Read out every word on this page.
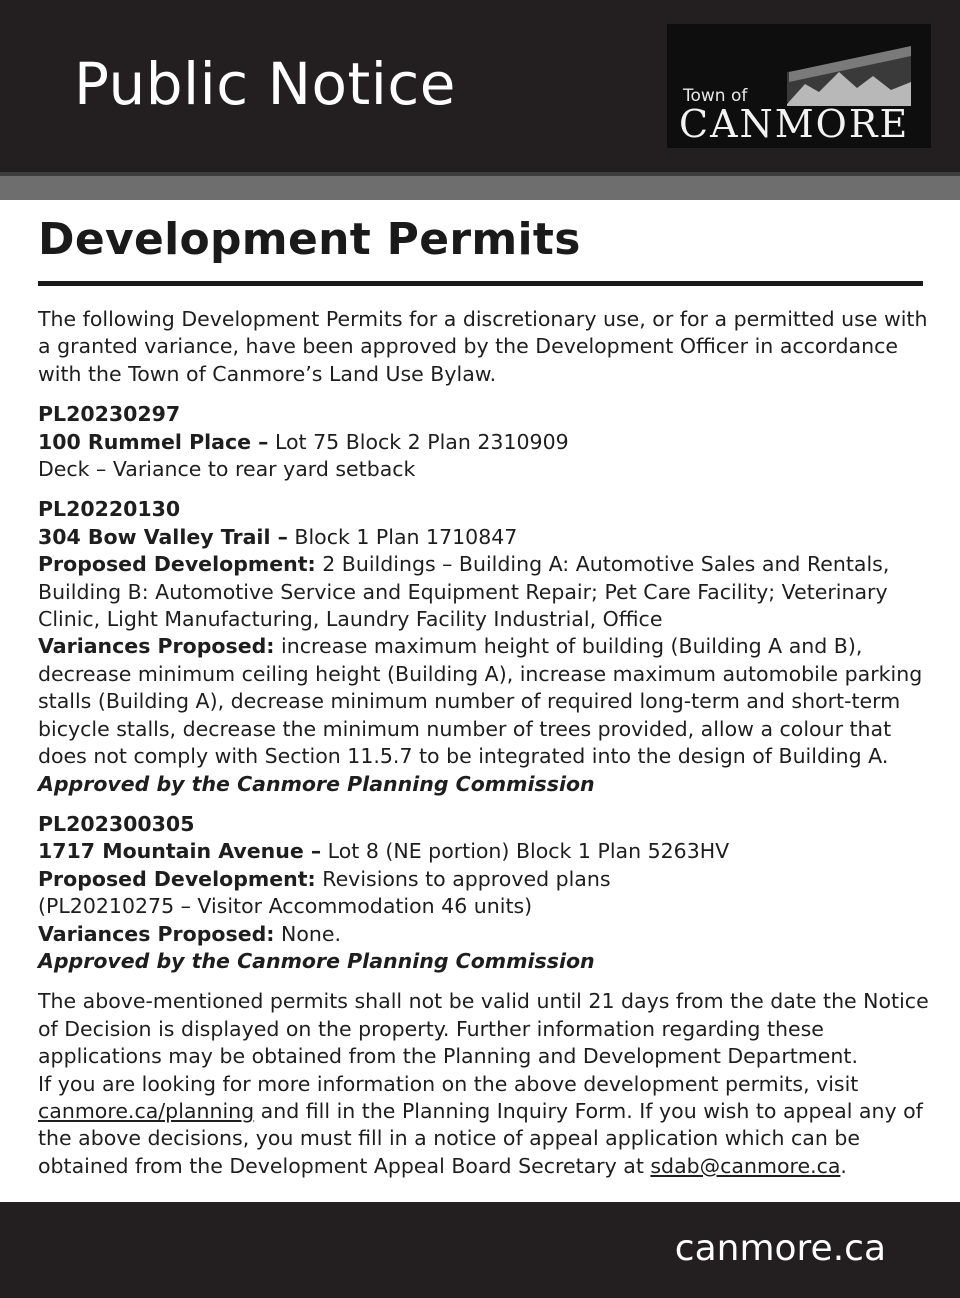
Public Notice	Town of
CANMORE
Development Permits

The following Development Permits for a discretionary use, or for a permitted use with a granted variance, have been approved by the Development Officer in accordance with the Town of Canmore’s Land Use Bylaw.

PL20230297

100 Rummel Place – Lot 75 Block 2 Plan 2310909

Deck – Variance to rear yard setback

PL20220130

304 Bow Valley Trail – Block 1 Plan 1710847

Proposed Development: 2 Buildings – Building A: Automotive Sales and Rentals, Building B: Automotive Service and Equipment Repair; Pet Care Facility; Veterinary Clinic, Light Manufacturing, Laundry Facility Industrial, Office

Variances Proposed: increase maximum height of building (Building A and B), decrease minimum ceiling height (Building A), increase maximum automobile parking stalls (Building A), decrease minimum number of required long-term and short-term bicycle stalls, decrease the minimum number of trees provided, allow a colour that does not comply with Section 11.5.7 to be integrated into the design of Building A.

Approved by the Canmore Planning Commission

PL202300305

1717 Mountain Avenue – Lot 8 (NE portion) Block 1 Plan 5263HV

Proposed Development: Revisions to approved plans

(PL20210275 – Visitor Accommodation 46 units)

Variances Proposed: None.

Approved by the Canmore Planning Commission

The above-mentioned permits shall not be valid until 21 days from the date the Notice of Decision is displayed on the property. Further information regarding these applications may be obtained from the Planning and Development Department.

If you are looking for more information on the above development permits, visit canmore.ca/planning and fill in the Planning Inquiry Form. If you wish to appeal any of the above decisions, you must fill in a notice of appeal application which can be obtained from the Development Appeal Board Secretary at sdab@canmore.ca.

canmore.ca
